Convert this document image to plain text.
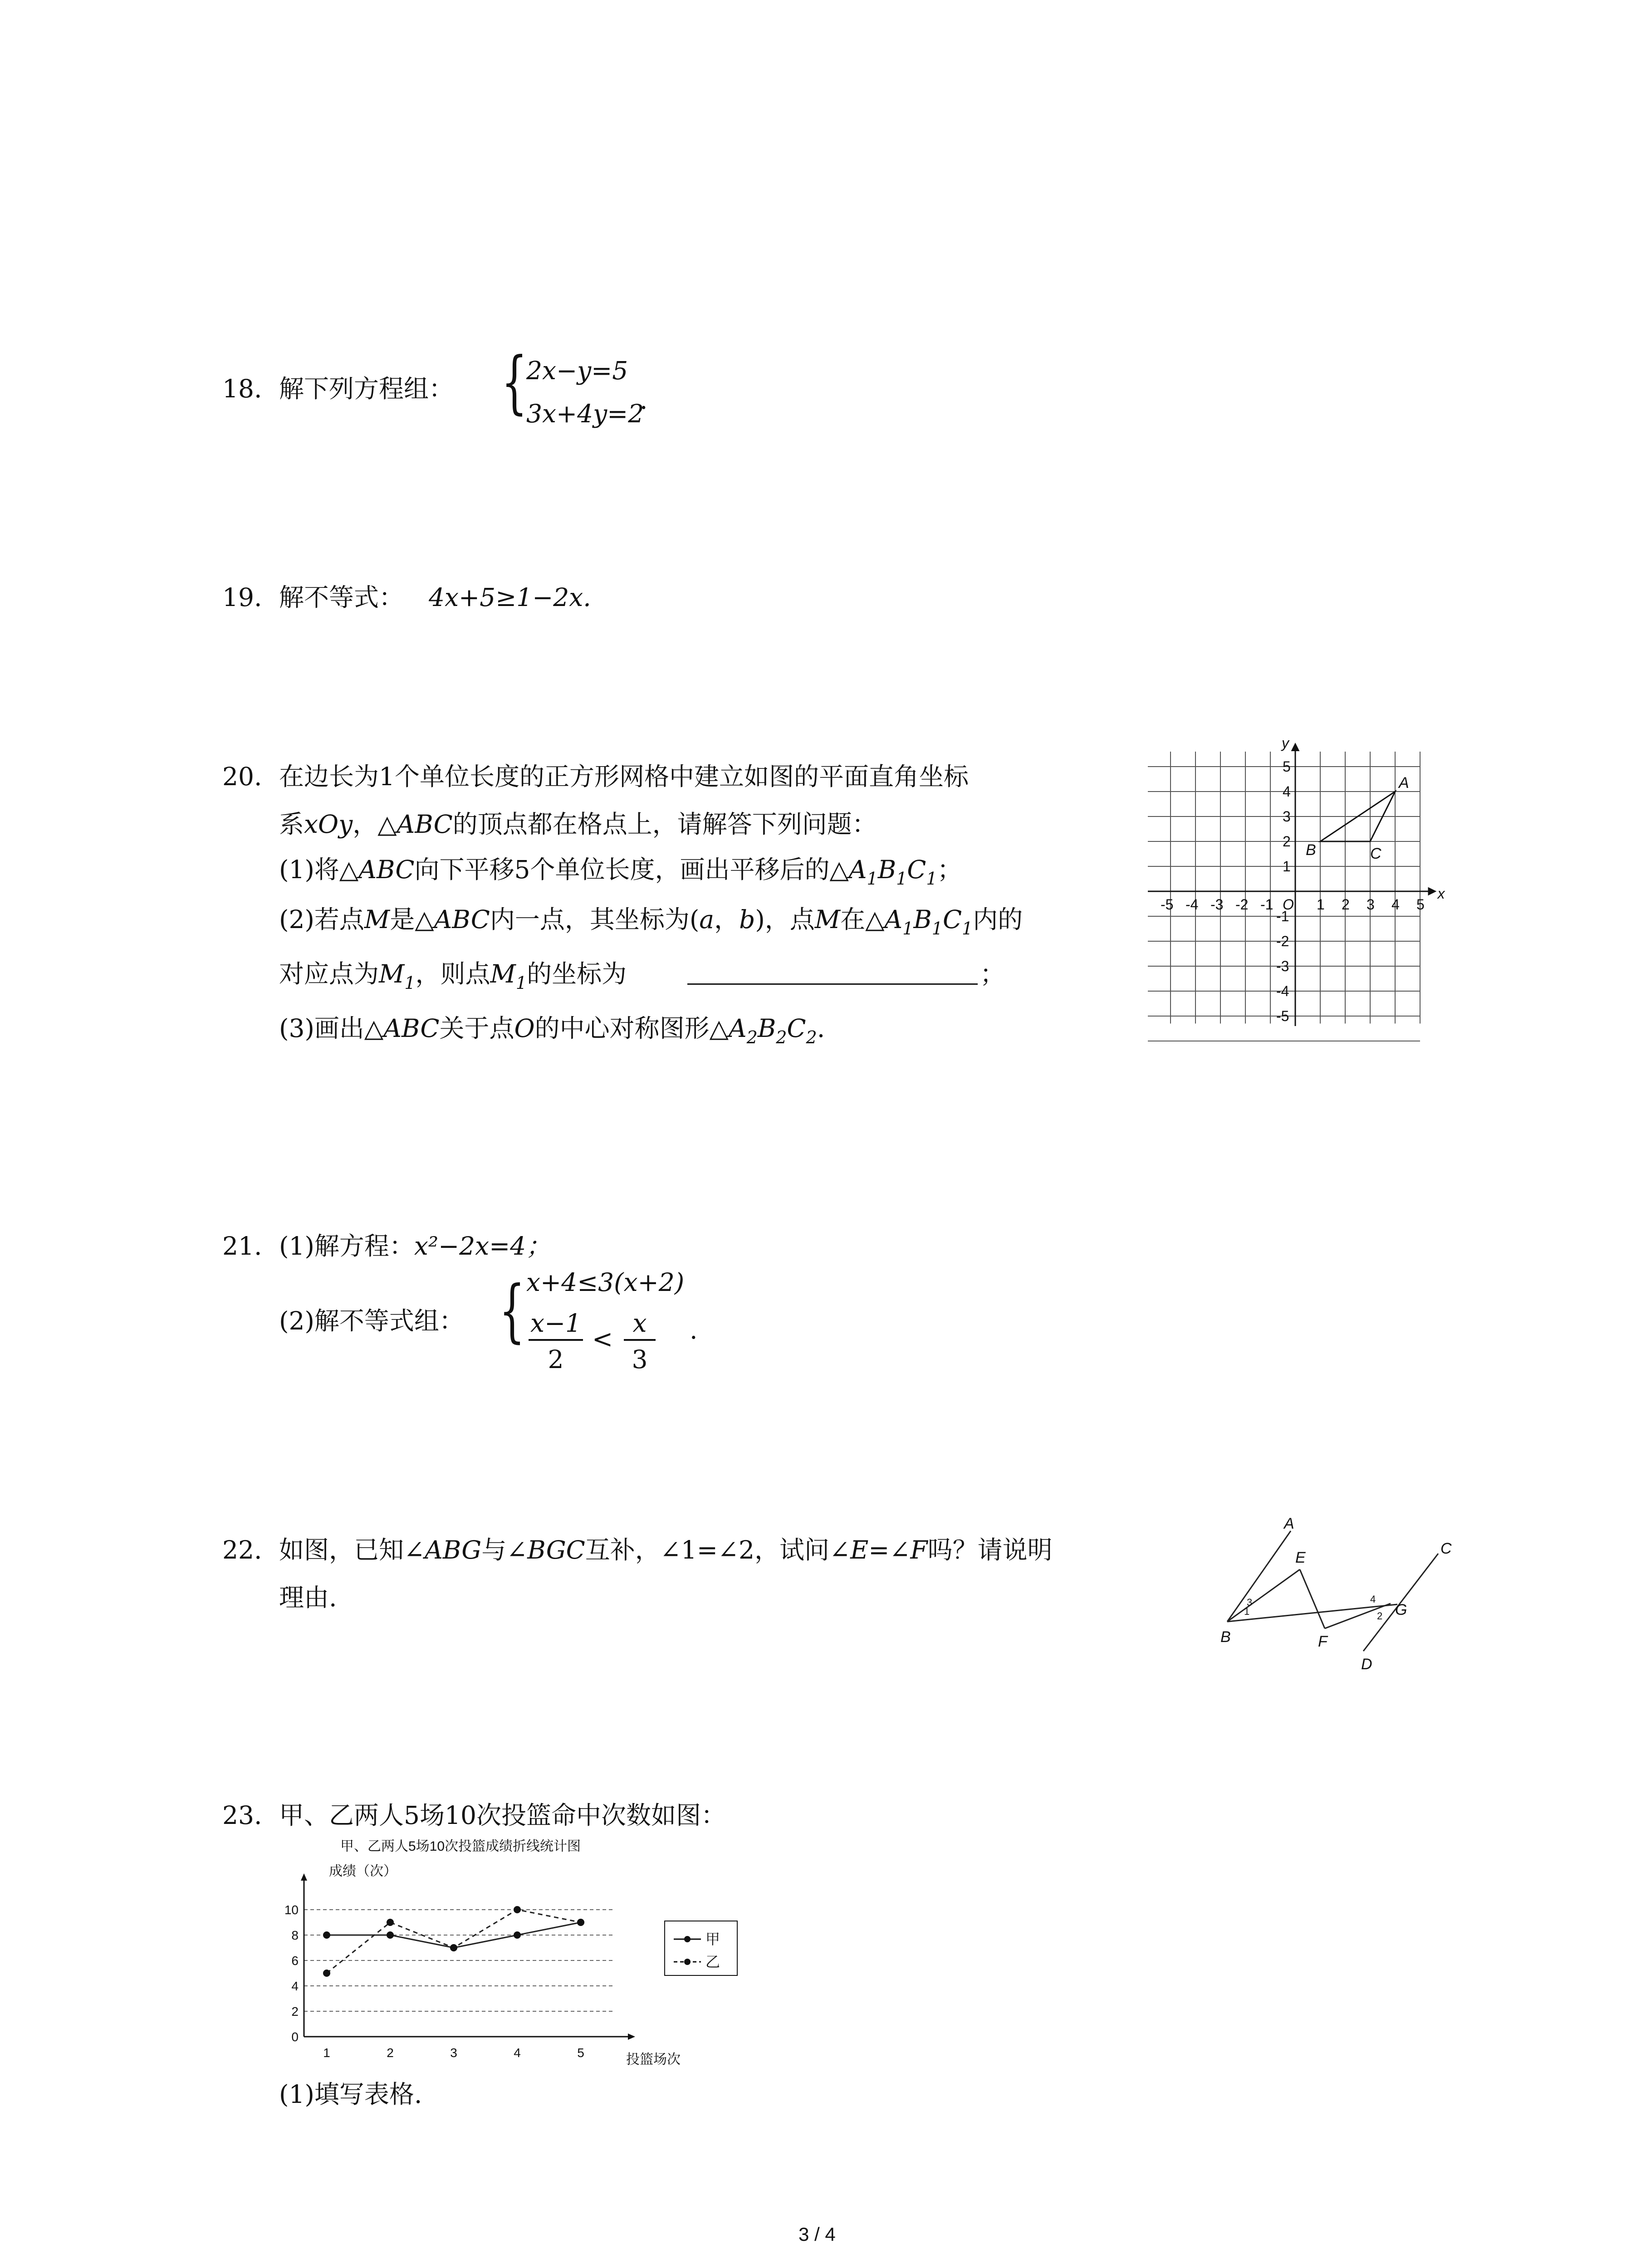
18. 解下列方程组： {
2x−y=5
3x+4y=2
.
19. 解不等式： 4x+5≥1−2x.
20. 在边长为1个单位长度的正方形网格中建立如图的平面直角坐标
系xOy，△ABC的顶点都在格点上，请解答下列问题：
(1)将△ABC向下平移5个单位长度，画出平移后的$\triangle A_1B_1C_1$；
(2)若点M是△ABC内一点，其坐标为(a，b)，点M在$\triangle A_1B_1C_1$内的
对应点为$M_1$，则点$M_1$的坐标为	；
(3)画出△ABC关于点O的中心对称图形$\triangle A_2B_2C_2$.
-5 -4 -3 -2 -1	1 2 3 4 5
5
4
3
2
1
-1
-2
-3
-4
-5
O
x
y
A
B	C
21. (1)解方程：x²−2x=4；
(2)解不等式组： { x+4≤3(x+2)
x−1
2
<
x
3
.
22. 如图，已知∠ABG与∠BGC互补，∠1=∠2，试问∠E=∠F吗？请说明
理由.
A
E
C
B	F
G
D
1
3	4
2
23. 甲、乙两人5场10次投篮命中次数如图：
甲、乙两人5场10次投篮成绩折线统计图
成绩（次）
0
2
4
6
8
10
1	2	3	4	5	投篮场次
甲
乙
(1)填写表格.
3 / 4
